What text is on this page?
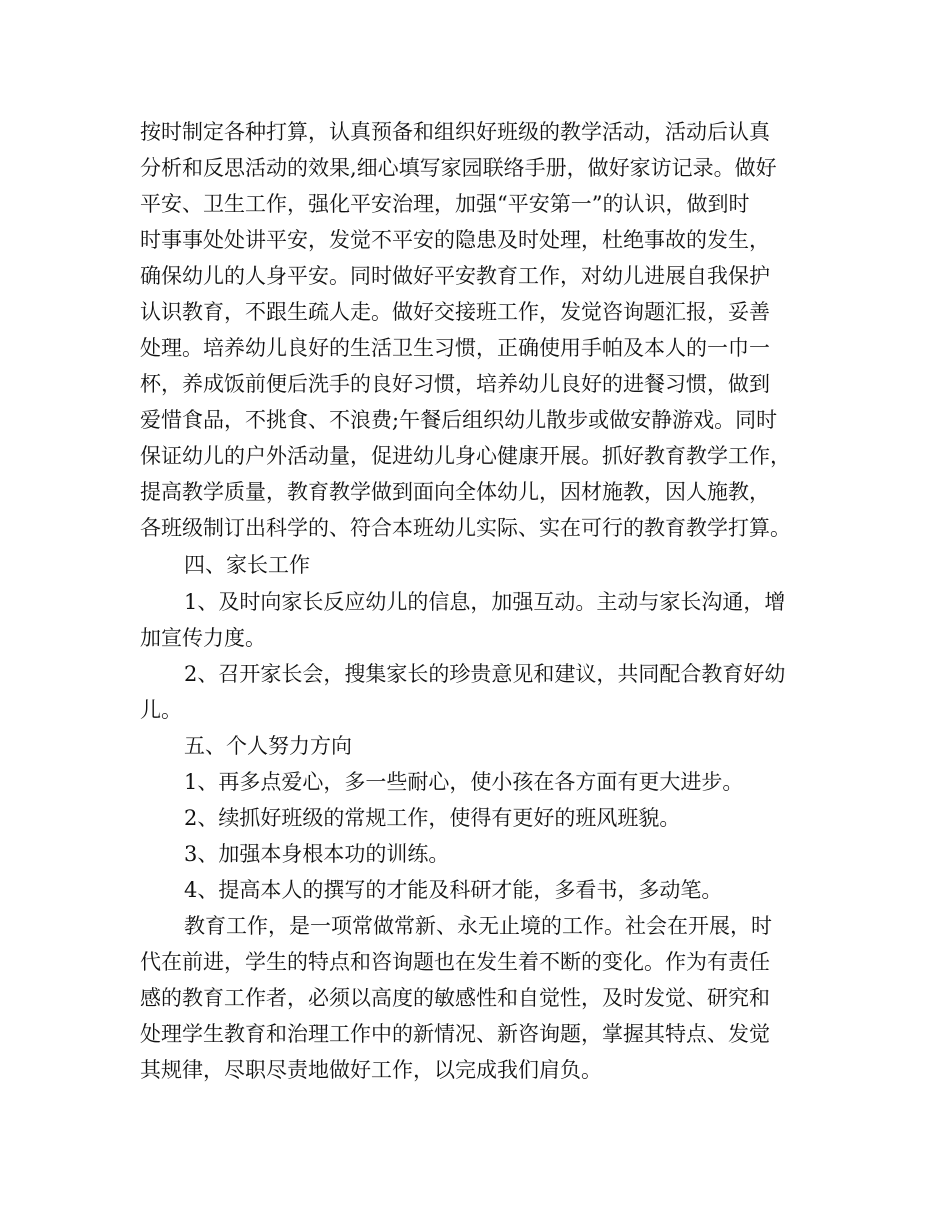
按时制定各种打算，认真预备和组织好班级的教学活动，活动后认真
分析和反思活动的效果,细心填写家园联络手册，做好家访记录。做好
平安、卫生工作，强化平安治理，加强“平安第一”的认识，做到时
时事事处处讲平安，发觉不平安的隐患及时处理，杜绝事故的发生，
确保幼儿的人身平安。同时做好平安教育工作，对幼儿进展自我保护
认识教育，不跟生疏人走。做好交接班工作，发觉咨询题汇报，妥善
处理。培养幼儿良好的生活卫生习惯，正确使用手帕及本人的一巾一
杯，养成饭前便后洗手的良好习惯，培养幼儿良好的进餐习惯，做到
爱惜食品，不挑食、不浪费;午餐后组织幼儿散步或做安静游戏。同时
保证幼儿的户外活动量，促进幼儿身心健康开展。抓好教育教学工作，
提高教学质量，教育教学做到面向全体幼儿，因材施教，因人施教，
各班级制订出科学的、符合本班幼儿实际、实在可行的教育教学打算。
四、家长工作
1、及时向家长反应幼儿的信息，加强互动。主动与家长沟通，增
加宣传力度。
2、召开家长会，搜集家长的珍贵意见和建议，共同配合教育好幼
儿。
五、个人努力方向
1、再多点爱心，多一些耐心，使小孩在各方面有更大进步。
2、续抓好班级的常规工作，使得有更好的班风班貌。
3、加强本身根本功的训练。
4、提高本人的撰写的才能及科研才能，多看书，多动笔。
教育工作，是一项常做常新、永无止境的工作。社会在开展，时
代在前进，学生的特点和咨询题也在发生着不断的变化。作为有责任
感的教育工作者，必须以高度的敏感性和自觉性，及时发觉、研究和
处理学生教育和治理工作中的新情况、新咨询题，掌握其特点、发觉
其规律，尽职尽责地做好工作，以完成我们肩负。
